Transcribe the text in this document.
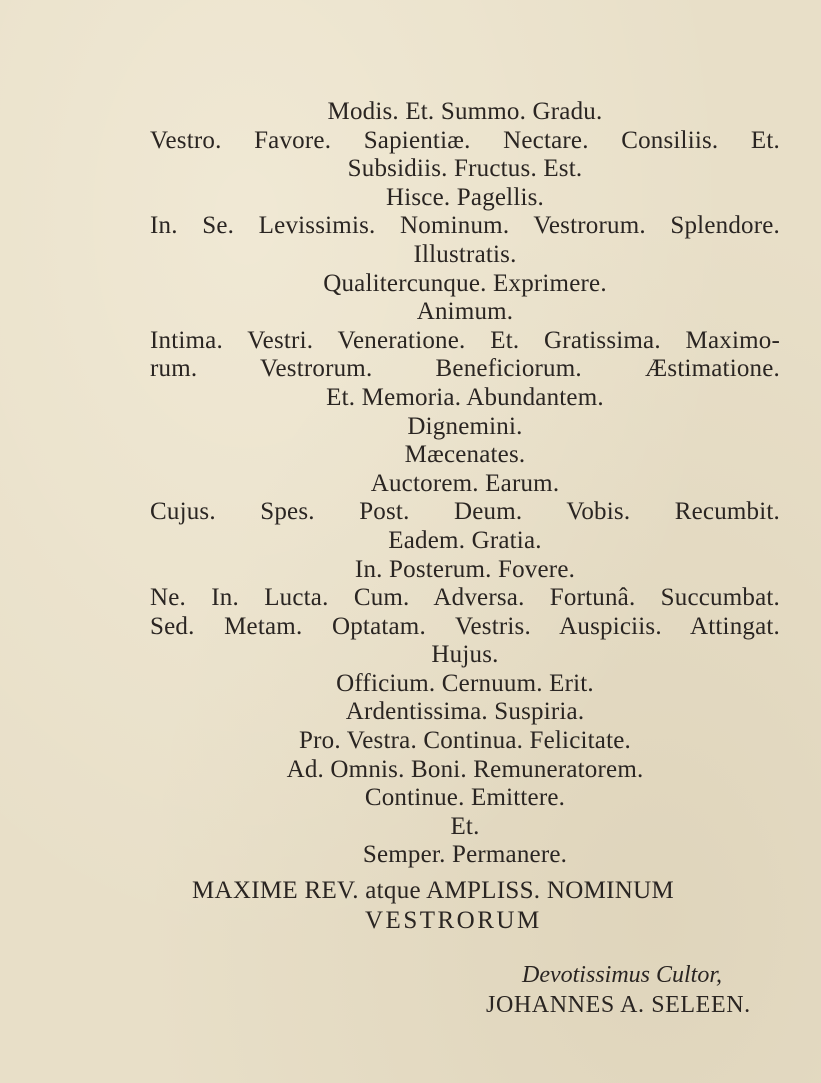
Modis. Et. Summo. Gradu.
Vestro. Favore. Sapientiæ. Nectare. Consiliis. Et.
Subsidiis. Fructus. Est.
Hisce. Pagellis.
In. Se. Levissimis. Nominum. Vestrorum. Splendore.
Illustratis.
Qualitercunque. Exprimere.
Animum.
Intima. Vestri. Veneratione. Et. Gratissima. Maximo-
rum. Vestrorum. Beneficiorum. Æstimatione.
Et. Memoria. Abundantem.
Dignemini.
Mæcenates.
Auctorem. Earum.
Cujus. Spes. Post. Deum. Vobis. Recumbit.
Eadem. Gratia.
In. Posterum. Fovere.
Ne. In. Lucta. Cum. Adversa. Fortunâ. Succumbat.
Sed. Metam. Optatam. Vestris. Auspiciis. Attingat.
Hujus.
Officium. Cernuum. Erit.
Ardentissima. Suspiria.
Pro. Vestra. Continua. Felicitate.
Ad. Omnis. Boni. Remuneratorem.
Continue. Emittere.
Et.
Semper. Permanere.
MAXIME REV. atque AMPLISS. NOMINUM
VESTRORUM
Devotissimus Cultor,
JOHANNES A. SELEEN.
